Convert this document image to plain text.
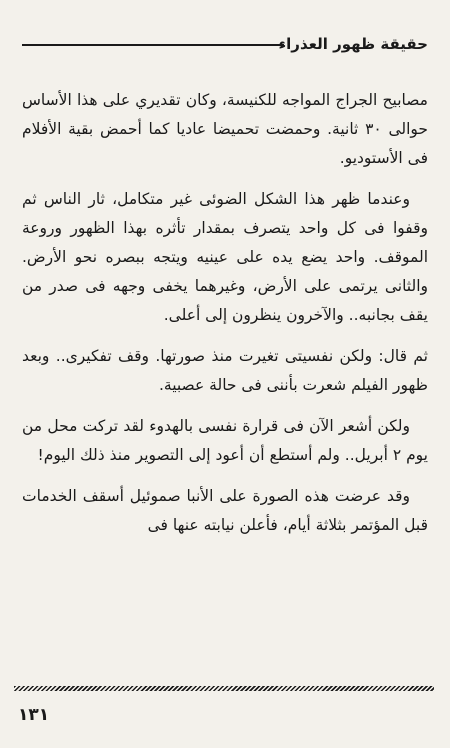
حقيقة ظهور العذراء

مصابيح الجراج المواجه للكنيسة، وكان تقديري على هذا الأساس حوالى ٣٠ ثانية. وحمضت تحميضا عاديا كما أحمض بقية الأفلام فى الأستوديو.

وعندما ظهر هذا الشكل الضوئى غير متكامل، ثار الناس ثم وقفوا فى كل واحد يتصرف بمقدار تأثره بهذا الظهور وروعة الموقف. واحد يضع يده على عينيه ويتجه ببصره نحو الأرض. والثانى يرتمى على الأرض، وغيرهما يخفى وجهه فى صدر من يقف بجانبه.. والآخرون ينظرون إلى أعلى.

ثم قال: ولكن نفسيتى تغيرت منذ صورتها. وقف تفكيرى.. وبعد ظهور الفيلم شعرت بأننى فى حالة عصبية.

ولكن أشعر الآن فى قرارة نفسى بالهدوء لقد تركت محل من يوم ٢ أبريل.. ولم أستطع أن أعود إلى التصوير منذ ذلك اليوم!

وقد عرضت هذه الصورة على الأنبا صموئيل أسقف الخدمات قبل المؤتمر بثلاثة أيام، فأعلن نيابته عنها فى

١٣١
